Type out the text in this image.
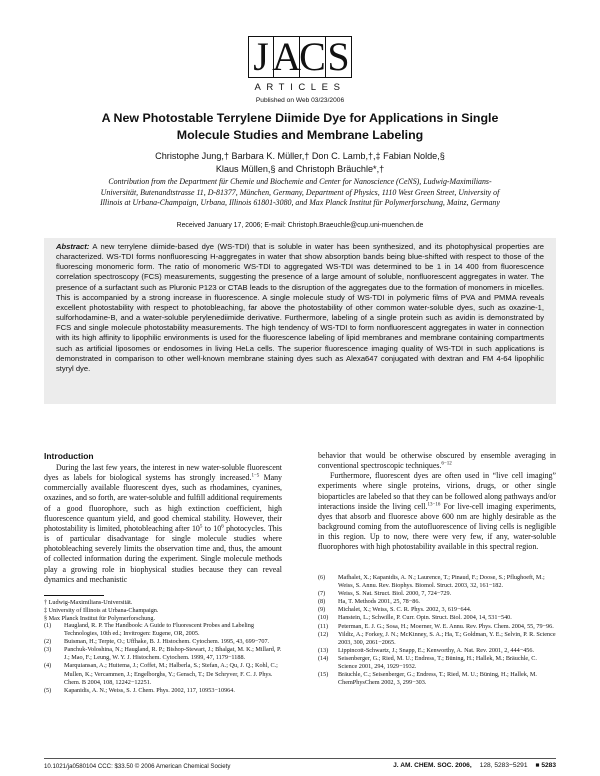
J A
C S
ARTICLES
Published on Web 03/23/2006
A New Photostable Terrylene Diimide Dye for Applications in Single Molecule Studies and Membrane Labeling
Christophe Jung,† Barbara K. Müller,† Don C. Lamb,†,‡ Fabian Nolde,§
Klaus Müllen,§ and Christoph Bräuchle*,†
Contribution from the Department für Chemie und Biochemie and Center for Nanoscience (CeNS), Ludwig-Maximilians-Universität, Butenandtstrasse 11, D-81377, München, Germany, Department of Physics, 1110 West Green Street, University of Illinois at Urbana-Champaign, Urbana, Illinois 61801-3080, and Max Planck Institut für Polymerforschung, Mainz, Germany
Received January 17, 2006; E-mail: Christoph.Braeuchle@cup.uni-muenchen.de
Abstract: A new terrylene diimide-based dye (WS-TDI) that is soluble in water has been synthesized, and its photophysical properties are characterized. WS-TDI forms nonfluorescing H-aggregates in water that show absorption bands being blue-shifted with respect to those of the fluorescing monomeric form. The ratio of monomeric WS-TDI to aggregated WS-TDI was determined to be 1 in 14 400 from fluorescence correlation spectroscopy (FCS) measurements, suggesting the presence of a large amount of soluble, nonfluorescent aggregates in water. The presence of a surfactant such as Pluronic P123 or CTAB leads to the disruption of the aggregates due to the formation of monomers in micelles. This is accompanied by a strong increase in fluorescence. A single molecule study of WS-TDI in polymeric films of PVA and PMMA reveals excellent photostability with respect to photobleaching, far above the photostability of other common water-soluble dyes, such as oxazine-1, sulforhodamine-B, and a water-soluble perylenediimide derivative. Furthermore, labeling of a single protein such as avidin is demonstrated by FCS and single molecule photostability measurements. The high tendency of WS-TDI to form nonfluorescent aggregates in water in connection with its high affinity to lipophilic environments is used for the fluorescence labeling of lipid membranes and membrane containing compartments such as artificial liposomes or endosomes in living HeLa cells. The superior fluorescence imaging quality of WS-TDI in such applications is demonstrated in comparison to other well-known membrane staining dyes such as Alexa647 conjugated with dextran and FM 4-64 lipophilic styryl dye.
Introduction
During the last few years, the interest in new water-soluble fluorescent dyes as labels for biological systems has strongly increased.$^{1-5}$ Many commercially available fluorescent dyes, such as rhodamines, cyanines, oxazines, and so forth, are water-soluble and fulfill additional requirements of a good fluorophore, such as high extinction coefficient, high fluorescence quantum yield, and good chemical stability. However, their photostability is limited, photobleaching after $10^5$ to $10^6$ photocycles. This is of particular disadvantage for single molecule studies where photobleaching severely limits the observation time and, thus, the amount of collected information during the experiment. Single molecule methods play a growing role in biophysical studies because they can reveal dynamics and mechanistic
behavior that would be otherwise obscured by ensemble averaging in conventional spectroscopic techniques.$^{6-12}$
Furthermore, fluorescent dyes are often used in “live cell imaging” experiments where single proteins, virions, drugs, or other single bioparticles are labeled so that they can be followed along pathways and/or interactions inside the living cell.$^{13-16}$ For live-cell imaging experiments, dyes that absorb and fluoresce above 600 nm are highly desirable as the background coming from the autofluorescence of living cells is negligible in this region. Up to now, there were very few, if any, water-soluble fluorophores with high photostability available in this spectral region.
† Ludwig-Maximilians-Universität.
‡ University of Illinois at Urbana-Champaign.
§ Max Planck Institut für Polymerforschung.
(1)	Haugland, R. P. The Handbook: A Guide to Fluorescent Probes and Labeling Technologies, 10th ed.; Invitrogen: Eugene, OR, 2005.
(2)	Buisman, H.; Terpte, O.; Uffhake, B. J. Histochem. Cytochem. 1995, 43, 699−707.
(3)	Panchuk-Voloshina, N.; Haugland, R. P.; Bishop-Stewart, J.; Bhalgat, M. K.; Millard, P. J.; Mao, F.; Leung, W. Y. J. Histochem. Cytochem. 1999, 47, 1179−1188.
(4)	Marquiansan, A.; Huitema, J.; Coffet, M.; Halberla, S.; Stefan, A.; Qu, J. Q.; Kohl, C.; Mullen, K.; Vercammen, J.; Engelborghs, Y.; Gensch, T.; De Schryver, F. C. J. Phys. Chem. B 2004, 108, 12242−12251.
(5)	Kapanidis, A. N.; Weiss, S. J. Chem. Phys. 2002, 117, 10953−10964.
(6)	Mafhalet, X.; Kapanidis, A. N.; Laurence, T.; Pinaud, F.; Doose, S.; Pflughoeft, M.; Weiss, S. Annu. Rev. Biophys. Biomol. Struct. 2003, 32, 161−182.
(7)	Weiss, S. Nat. Struct. Biol. 2000, 7, 724−729.
(8)	Ha, T. Methods 2001, 25, 78−86.
(9)	Michalet, X.; Weiss, S. C. R. Phys. 2002, 3, 619−644.
(10)	Hanstein, L.; Schwille, P. Curr. Opin. Struct. Biol. 2004, 14, 531−540.
(11)	Peterman, E. J. G.; Sosa, H.; Moerner, W. E. Annu. Rev. Phys. Chem. 2004, 55, 79−96.
(12)	Yildiz, A.; Forkey, J. N.; McKinney, S. A.; Ha, T.; Goldman, Y. E.; Selvin, P. R. Science 2003, 300, 2061−2065.
(13)	Lippincott-Schwartz, J.; Snapp, E.; Kenworthy, A. Nat. Rev. 2001, 2, 444−456.
(14)	Seisenberger, G.; Ried, M. U.; Endress, T.; Büning, H.; Hallek, M.; Bräuchle, C. Science 2001, 294, 1929−1932.
(15)	Bräuchle, C.; Seisenberger, G.; Endress, T.; Ried, M. U.; Büning, H.; Hallek, M. ChemPhysChem 2002, 3, 299−303.
10.1021/ja0580104 CCC: $33.50 © 2006 American Chemical Society	J. AM. CHEM. SOC. 2006, 128, 5283−5291 ■ 5283
